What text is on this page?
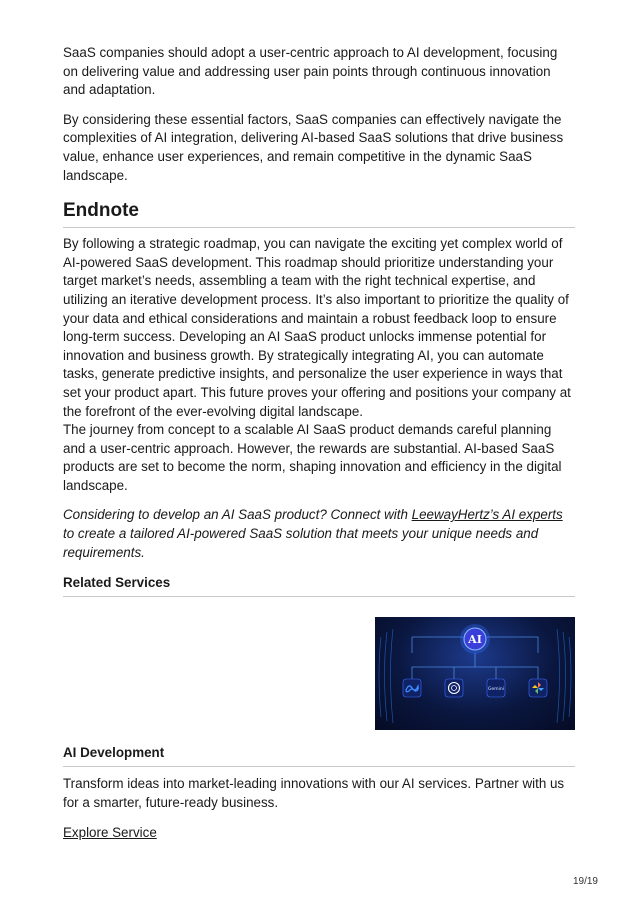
SaaS companies should adopt a user-centric approach to AI development, focusing on delivering value and addressing user pain points through continuous innovation and adaptation.

By considering these essential factors, SaaS companies can effectively navigate the complexities of AI integration, delivering AI-based SaaS solutions that drive business value, enhance user experiences, and remain competitive in the dynamic SaaS landscape.

Endnote

By following a strategic roadmap, you can navigate the exciting yet complex world of AI-powered SaaS development. This roadmap should prioritize understanding your target market’s needs, assembling a team with the right technical expertise, and utilizing an iterative development process. It’s also important to prioritize the quality of your data and ethical considerations and maintain a robust feedback loop to ensure long-term success. Developing an AI SaaS product unlocks immense potential for innovation and business growth. By strategically integrating AI, you can automate tasks, generate predictive insights, and personalize the user experience in ways that set your product apart. This future proves your offering and positions your company at the forefront of the ever-evolving digital landscape.

The journey from concept to a scalable AI SaaS product demands careful planning and a user-centric approach. However, the rewards are substantial. AI-based SaaS products are set to become the norm, shaping innovation and efficiency in the digital landscape.

Considering to develop an AI SaaS product? Connect with LeewayHertz’s AI experts to create a tailored AI-powered SaaS solution that meets your unique needs and requirements.

Related Services
AI
Gemini
AI Development

Transform ideas into market-leading innovations with our AI services. Partner with us for a smarter, future-ready business.

Explore Service

19/19
